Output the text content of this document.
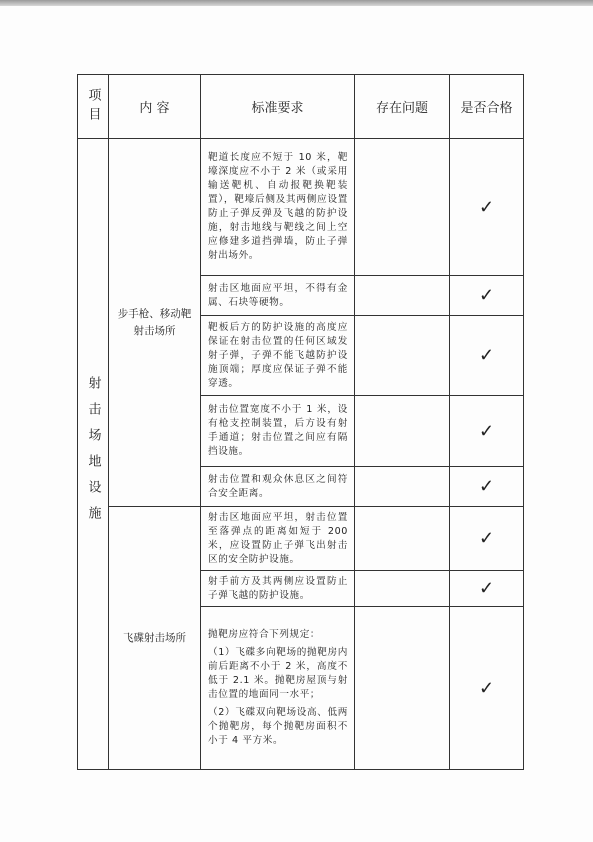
项目	内 容	标准要求	存在问题	是否合格

射击场地设施	步手枪、移动靶射击场所	靶道长度应不短于 10 米，靶壕深度应不小于 2 米（或采用输送靶机、自动报靶换靶装置），靶壕后侧及其两侧应设置防止子弹反弹及飞越的防护设施，射击地线与靶线之间上空应修建多道挡弹墙，防止子弹射出场外。		✓
		射击区地面应平坦，不得有金属、石块等硬物。		✓
		靶板后方的防护设施的高度应保证在射击位置的任何区域发射子弹，子弹不能飞越防护设施顶端；厚度应保证子弹不能穿透。		✓
		射击位置宽度不小于 1 米，设有枪支控制装置，后方设有射手通道；射击位置之间应有隔挡设施。		✓
		射击位置和观众休息区之间符合安全距离。		✓

	飞碟射击场所	射击区地面应平坦，射击位置至落弹点的距离如短于 200 米，应设置防止子弹飞出射击区的安全防护设施。		✓
		射手前方及其两侧应设置防止子弹飞越的防护设施。		✓

		抛靶房应符合下列规定：

（1）飞碟多向靶场的抛靶房内前后距离不小于 2 米，高度不低于 2.1 米。抛靶房屋顶与射击位置的地面同一水平；

（2）飞碟双向靶场设高、低两个抛靶房，每个抛靶房面积不小于 4 平方米。		✓
